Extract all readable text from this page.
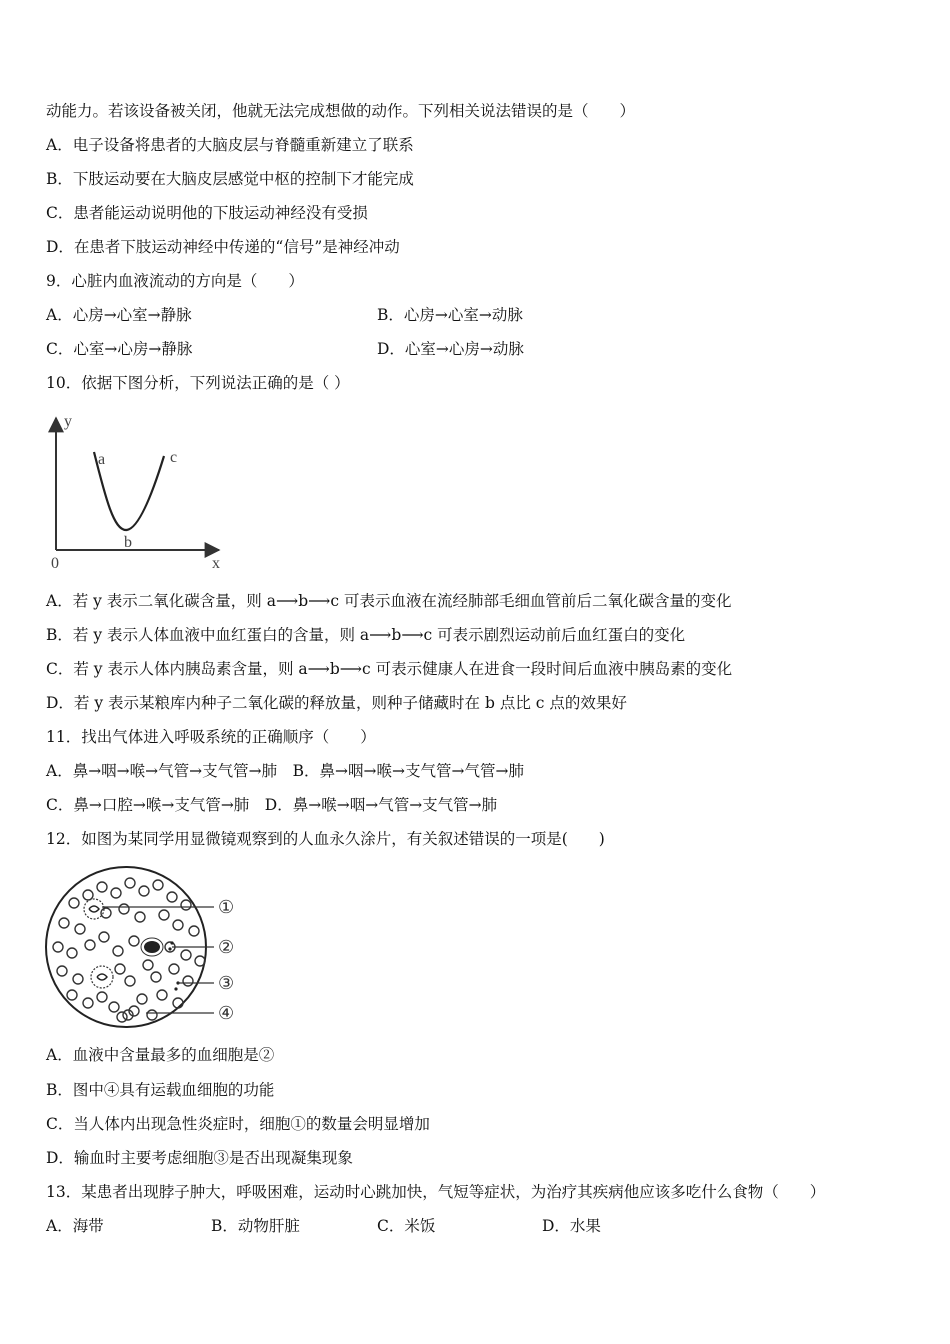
动能力。若该设备被关闭，他就无法完成想做的动作。下列相关说法错误的是（　　）
A．电子设备将患者的大脑皮层与脊髓重新建立了联系
B．下肢运动要在大脑皮层感觉中枢的控制下才能完成
C．患者能运动说明他的下肢运动神经没有受损
D．在患者下肢运动神经中传递的“信号”是神经冲动
9．心脏内血液流动的方向是（　　）
A．心房→心室→静脉	B．心房→心室→动脉
C．心室→心房→静脉	D．心室→心房→动脉
10．依据下图分析，下列说法正确的是（ ）
y
x
0
a
b
c
A．若 y 表示二氧化碳含量，则 a⟶b⟶c 可表示血液在流经肺部毛细血管前后二氧化碳含量的变化
B．若 y 表示人体血液中血红蛋白的含量，则 a⟶b⟶c 可表示剧烈运动前后血红蛋白的变化
C．若 y 表示人体内胰岛素含量，则 a⟶b⟶c 可表示健康人在进食一段时间后血液中胰岛素的变化
D．若 y 表示某粮库内种子二氧化碳的释放量，则种子储藏时在 b 点比 c 点的效果好
11．找出气体进入呼吸系统的正确顺序（　　）
A．鼻→咽→喉→气管→支气管→肺　B．鼻→咽→喉→支气管→气管→肺
C．鼻→口腔→喉→支气管→肺　D．鼻→喉→咽→气管→支气管→肺
12．如图为某同学用显微镜观察到的人血永久涂片，有关叙述错误的一项是(　　)
①
②
③
④
A．血液中含量最多的血细胞是②
B．图中④具有运载血细胞的功能
C．当人体内出现急性炎症时，细胞①的数量会明显增加
D．输血时主要考虑细胞③是否出现凝集现象
13．某患者出现脖子肿大，呼吸困难，运动时心跳加快，气短等症状，为治疗其疾病他应该多吃什么食物（　　）
A．海带	B．动物肝脏	C．米饭	D．水果
